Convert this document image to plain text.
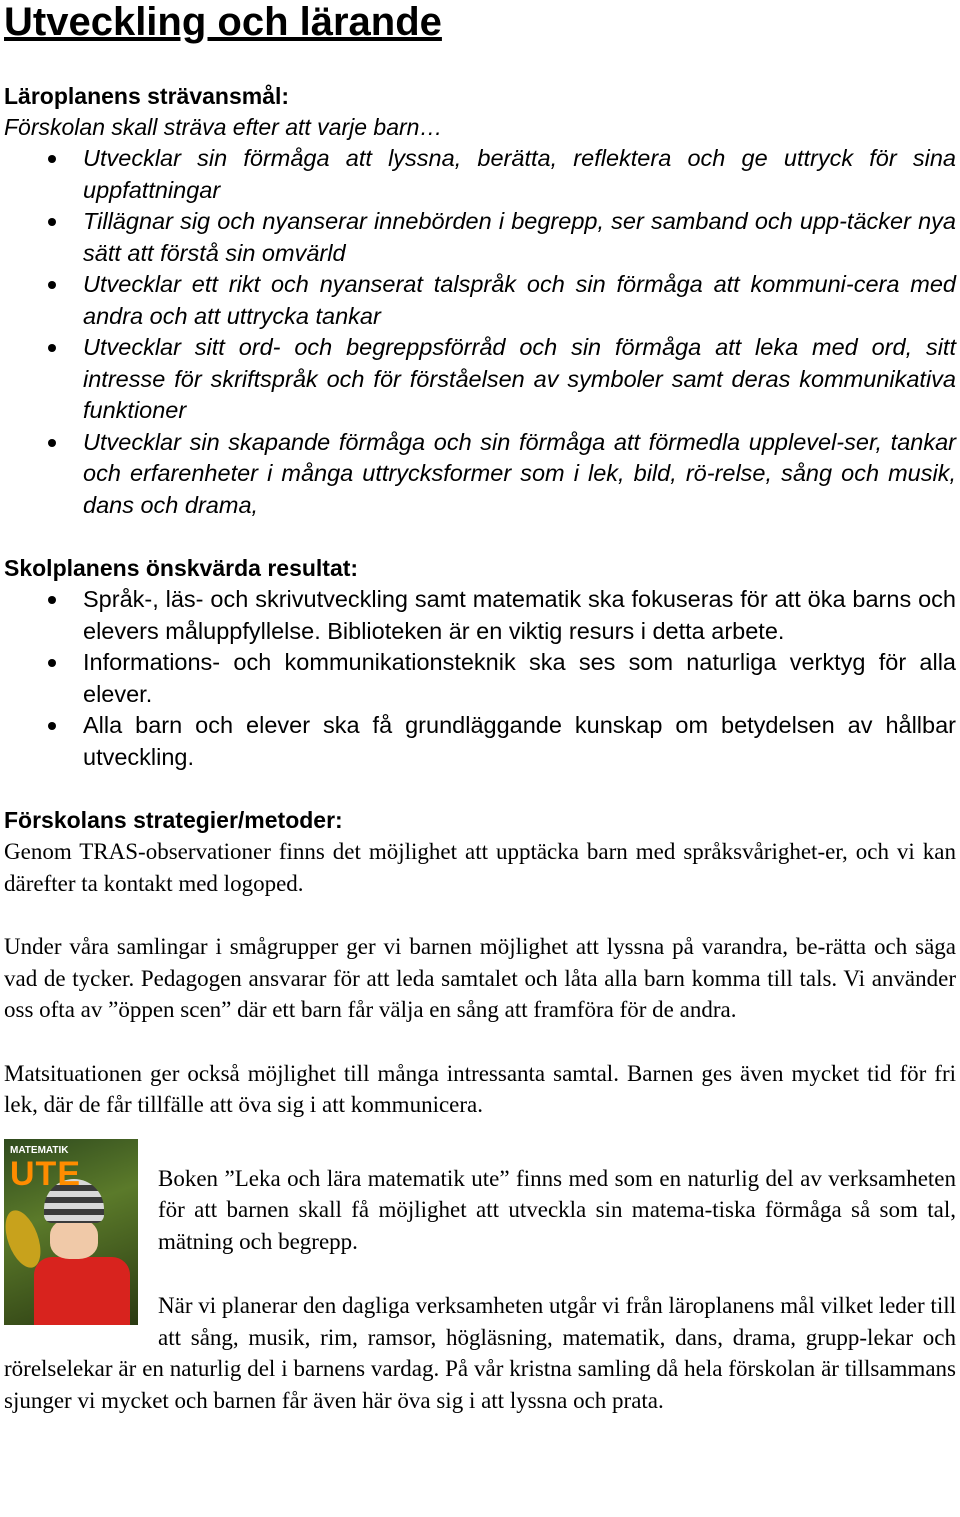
Utveckling och lärande

Läroplanens strävansmål:

Förskolan skall sträva efter att varje barn…

Utvecklar sin förmåga att lyssna, berätta, reflektera och ge uttryck för sina uppfattningar
Tillägnar sig och nyanserar innebörden i begrepp, ser samband och upp-täcker nya sätt att förstå sin omvärld
Utvecklar ett rikt och nyanserat talspråk och sin förmåga att kommuni-cera med andra och att uttrycka tankar
Utvecklar sitt ord- och begreppsförråd och sin förmåga att leka med ord, sitt intresse för skriftspråk och för förståelsen av symboler samt deras kommunikativa funktioner
Utvecklar sin skapande förmåga och sin förmåga att förmedla upplevel-ser, tankar och erfarenheter i många uttrycksformer som i lek, bild, rö-relse, sång och musik, dans och drama,

Skolplanens önskvärda resultat:

Språk-, läs- och skrivutveckling samt matematik ska fokuseras för att öka barns och elevers måluppfyllelse. Biblioteken är en viktig resurs i detta arbete.
Informations- och kommunikationsteknik ska ses som naturliga verktyg för alla elever.
Alla barn och elever ska få grundläggande kunskap om betydelsen av hållbar utveckling.

Förskolans strategier/metoder:

Genom TRAS-observationer finns det möjlighet att upptäcka barn med språksvårighet-er, och vi kan därefter ta kontakt med logoped.

Under våra samlingar i smågrupper ger vi barnen möjlighet att lyssna på varandra, be-rätta och säga vad de tycker. Pedagogen ansvarar för att leda samtalet och låta alla barn komma till tals. Vi använder oss ofta av ”öppen scen” där ett barn får välja en sång att framföra för de andra.

Matsituationen ger också möjlighet till många intressanta samtal. Barnen ges även mycket tid för fri lek, där de får tillfälle att öva sig i att kommunicera.

MATEMATIK
UTE	Boken ”Leka och lära matematik ute” finns med som en naturlig del av verksamheten för att barnen skall få möjlighet att utveckla sin matema-tiska förmåga så som tal, mätning och begrepp.

När vi planerar den dagliga verksamheten utgår vi från läroplanens mål vilket leder till att sång, musik, rim, ramsor, högläsning, matematik, dans, drama, grupp-lekar och rörelselekar är en naturlig del i barnens vardag. På vår kristna samling då hela förskolan är tillsammans sjunger vi mycket och barnen får även här öva sig i att lyssna och prata.
